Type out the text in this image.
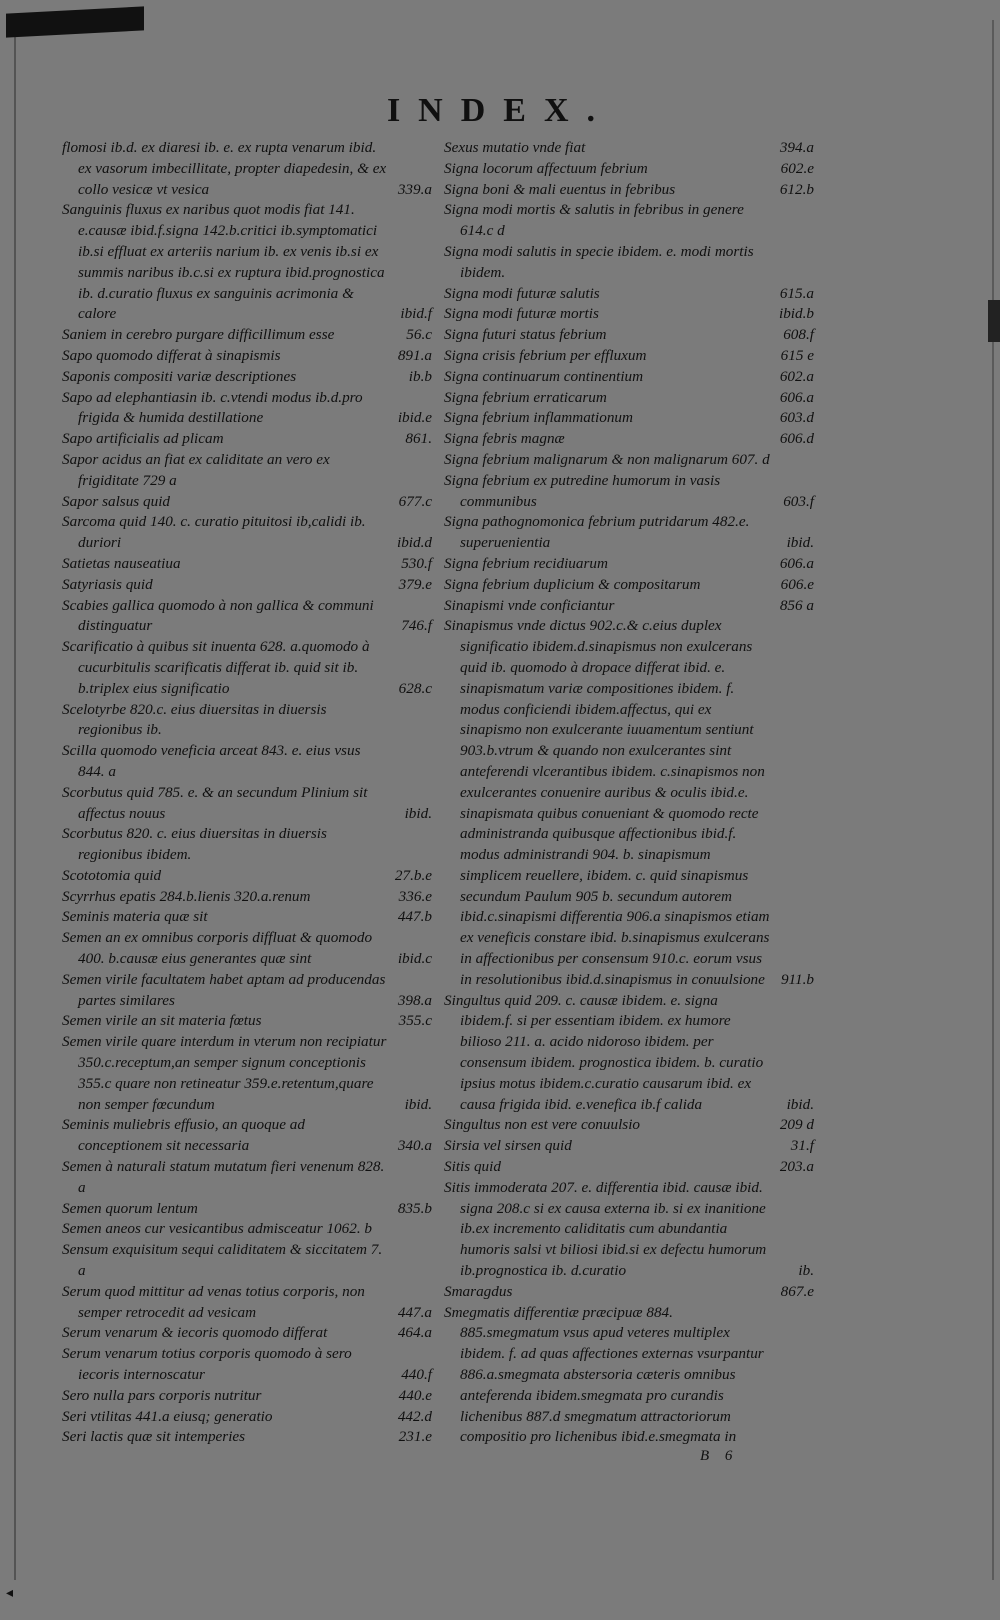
◂
INDEX.
flomosi ib.d. ex diaresi ib. e. ex rupta venarum ibid. ex vasorum imbecillitate, propter diapedesin, & ex collo vesicæ vt vesica	339.a
Sanguinis fluxus ex naribus quot modis fiat 141. e.causæ ibid.f.signa 142.b.critici ib.symptomatici ib.si effluat ex arteriis narium ib. ex venis ib.si ex summis naribus ib.c.si ex ruptura ibid.prognostica ib. d.curatio fluxus ex sanguinis acrimonia & calore	ibid.f
Saniem in cerebro purgare difficillimum esse	56.c
Sapo quomodo differat à sinapismis	891.a
Saponis compositi variæ descriptiones	ib.b
Sapo ad elephantiasin ib. c.vtendi modus ib.d.pro frigida & humida destillatione	ibid.e
Sapo artificialis ad plicam	861.
Sapor acidus an fiat ex caliditate an vero ex frigiditate 729 a
Sapor salsus quid	677.c
Sarcoma quid 140. c. curatio pituitosi ib,calidi ib. duriori	ibid.d
Satietas nauseatiua	530.f
Satyriasis quid	379.e
Scabies gallica quomodo à non gallica & communi distinguatur	746.f
Scarificatio à quibus sit inuenta 628. a.quomodo à cucurbitulis scarificatis differat ib. quid sit ib. b.triplex eius significatio	628.c
Scelotyrbe 820.c. eius diuersitas in diuersis regionibus ib.
Scilla quomodo veneficia arceat 843. e. eius vsus 844. a
Scorbutus quid 785. e. & an secundum Plinium sit affectus nouus	ibid.
Scorbutus 820. c. eius diuersitas in diuersis regionibus ibidem.
Scototomia quid	27.b.e
Scyrrhus epatis 284.b.lienis 320.a.renum	336.e
Seminis materia quæ sit	447.b
Semen an ex omnibus corporis diffluat & quomodo 400. b.causæ eius generantes quæ sint	ibid.c
Semen virile facultatem habet aptam ad producendas partes similares	398.a
Semen virile an sit materia fœtus	355.c
Semen virile quare interdum in vterum non recipiatur 350.c.receptum,an semper signum conceptionis 355.c quare non retineatur 359.e.retentum,quare non semper fœcundum	ibid.
Seminis muliebris effusio, an quoque ad conceptionem sit necessaria	340.a
Semen à naturali statum mutatum fieri venenum 828. a
Semen quorum lentum	835.b
Semen aneos cur vesicantibus admisceatur 1062. b
Sensum exquisitum sequi caliditatem & siccitatem 7. a
Serum quod mittitur ad venas totius corporis, non semper retrocedit ad vesicam	447.a
Serum venarum & iecoris quomodo differat	464.a
Serum venarum totius corporis quomodo à sero iecoris internoscatur	440.f
Sero nulla pars corporis nutritur	440.e
Seri vtilitas 441.a eiusq; generatio	442.d
Seri lactis quæ sit intemperies	231.e
Sexus mutatio vnde fiat	394.a
Signa locorum affectuum febrium	602.e
Signa boni & mali euentus in febribus	612.b
Signa modi mortis & salutis in febribus in genere 614.c d
Signa modi salutis in specie ibidem. e. modi mortis ibidem.
Signa modi futuræ salutis	615.a
Signa modi futuræ mortis	ibid.b
Signa futuri status febrium	608.f
Signa crisis febrium per effluxum	615 e
Signa continuarum continentium	602.a
Signa febrium erraticarum	606.a
Signa febrium inflammationum	603.d
Signa febris magnæ	606.d
Signa febrium malignarum & non malignarum 607. d
Signa febrium ex putredine humorum in vasis communibus	603.f
Signa pathognomonica febrium putridarum 482.e. superuenientia	ibid.
Signa febrium recidiuarum	606.a
Signa febrium duplicium & compositarum	606.e
Sinapismi vnde conficiantur	856 a
Sinapismus vnde dictus 902.c.& c.eius duplex significatio ibidem.d.sinapismus non exulcerans quid ib. quomodo à dropace differat ibid. e. sinapismatum variæ compositiones ibidem. f. modus conficiendi ibidem.affectus, qui ex sinapismo non exulcerante iuuamentum sentiunt 903.b.vtrum & quando non exulcerantes sint anteferendi vlcerantibus ibidem. c.sinapismos non exulcerantes conuenire auribus & oculis ibid.e. sinapismata quibus conueniant & quomodo recte administranda quibusque affectionibus ibid.f. modus administrandi 904. b. sinapismum simplicem reuellere, ibidem. c. quid sinapismus secundum Paulum 905 b. secundum autorem ibid.c.sinapismi differentia 906.a sinapismos etiam ex veneficis constare ibid. b.sinapismus exulcerans in affectionibus per consensum 910.c. eorum vsus in resolutionibus ibid.d.sinapismus in conuulsione 911.b
Singultus quid 209. c. causæ ibidem. e. signa ibidem.f. si per essentiam ibidem. ex humore bilioso 211. a. acido nidoroso ibidem. per consensum ibidem. prognostica ibidem. b. curatio ipsius motus ibidem.c.curatio causarum ibid. ex causa frigida ibid. e.venefica ib.f calida	ibid.
Singultus non est vere conuulsio	209 d
Sirsia vel sirsen quid	31.f
Sitis quid	203.a
Sitis immoderata 207. e. differentia ibid. causæ ibid. signa 208.c si ex causa externa ib. si ex inanitione ib.ex incremento caliditatis cum abundantia humoris salsi vt biliosi ibid.si ex defectu humorum ib.prognostica ib. d.curatio	ib.
Smaragdus	867.e
Smegmatis differentiæ præcipuæ 884. 885.smegmatum vsus apud veteres multiplex ibidem. f. ad quas affectiones externas vsurpantur 886.a.smegmata abstersoria cæteris omnibus anteferenda ibidem.smegmata pro curandis lichenibus 887.d smegmatum attractoriorum compositio pro lichenibus ibid.e.smegmata in
B 6
